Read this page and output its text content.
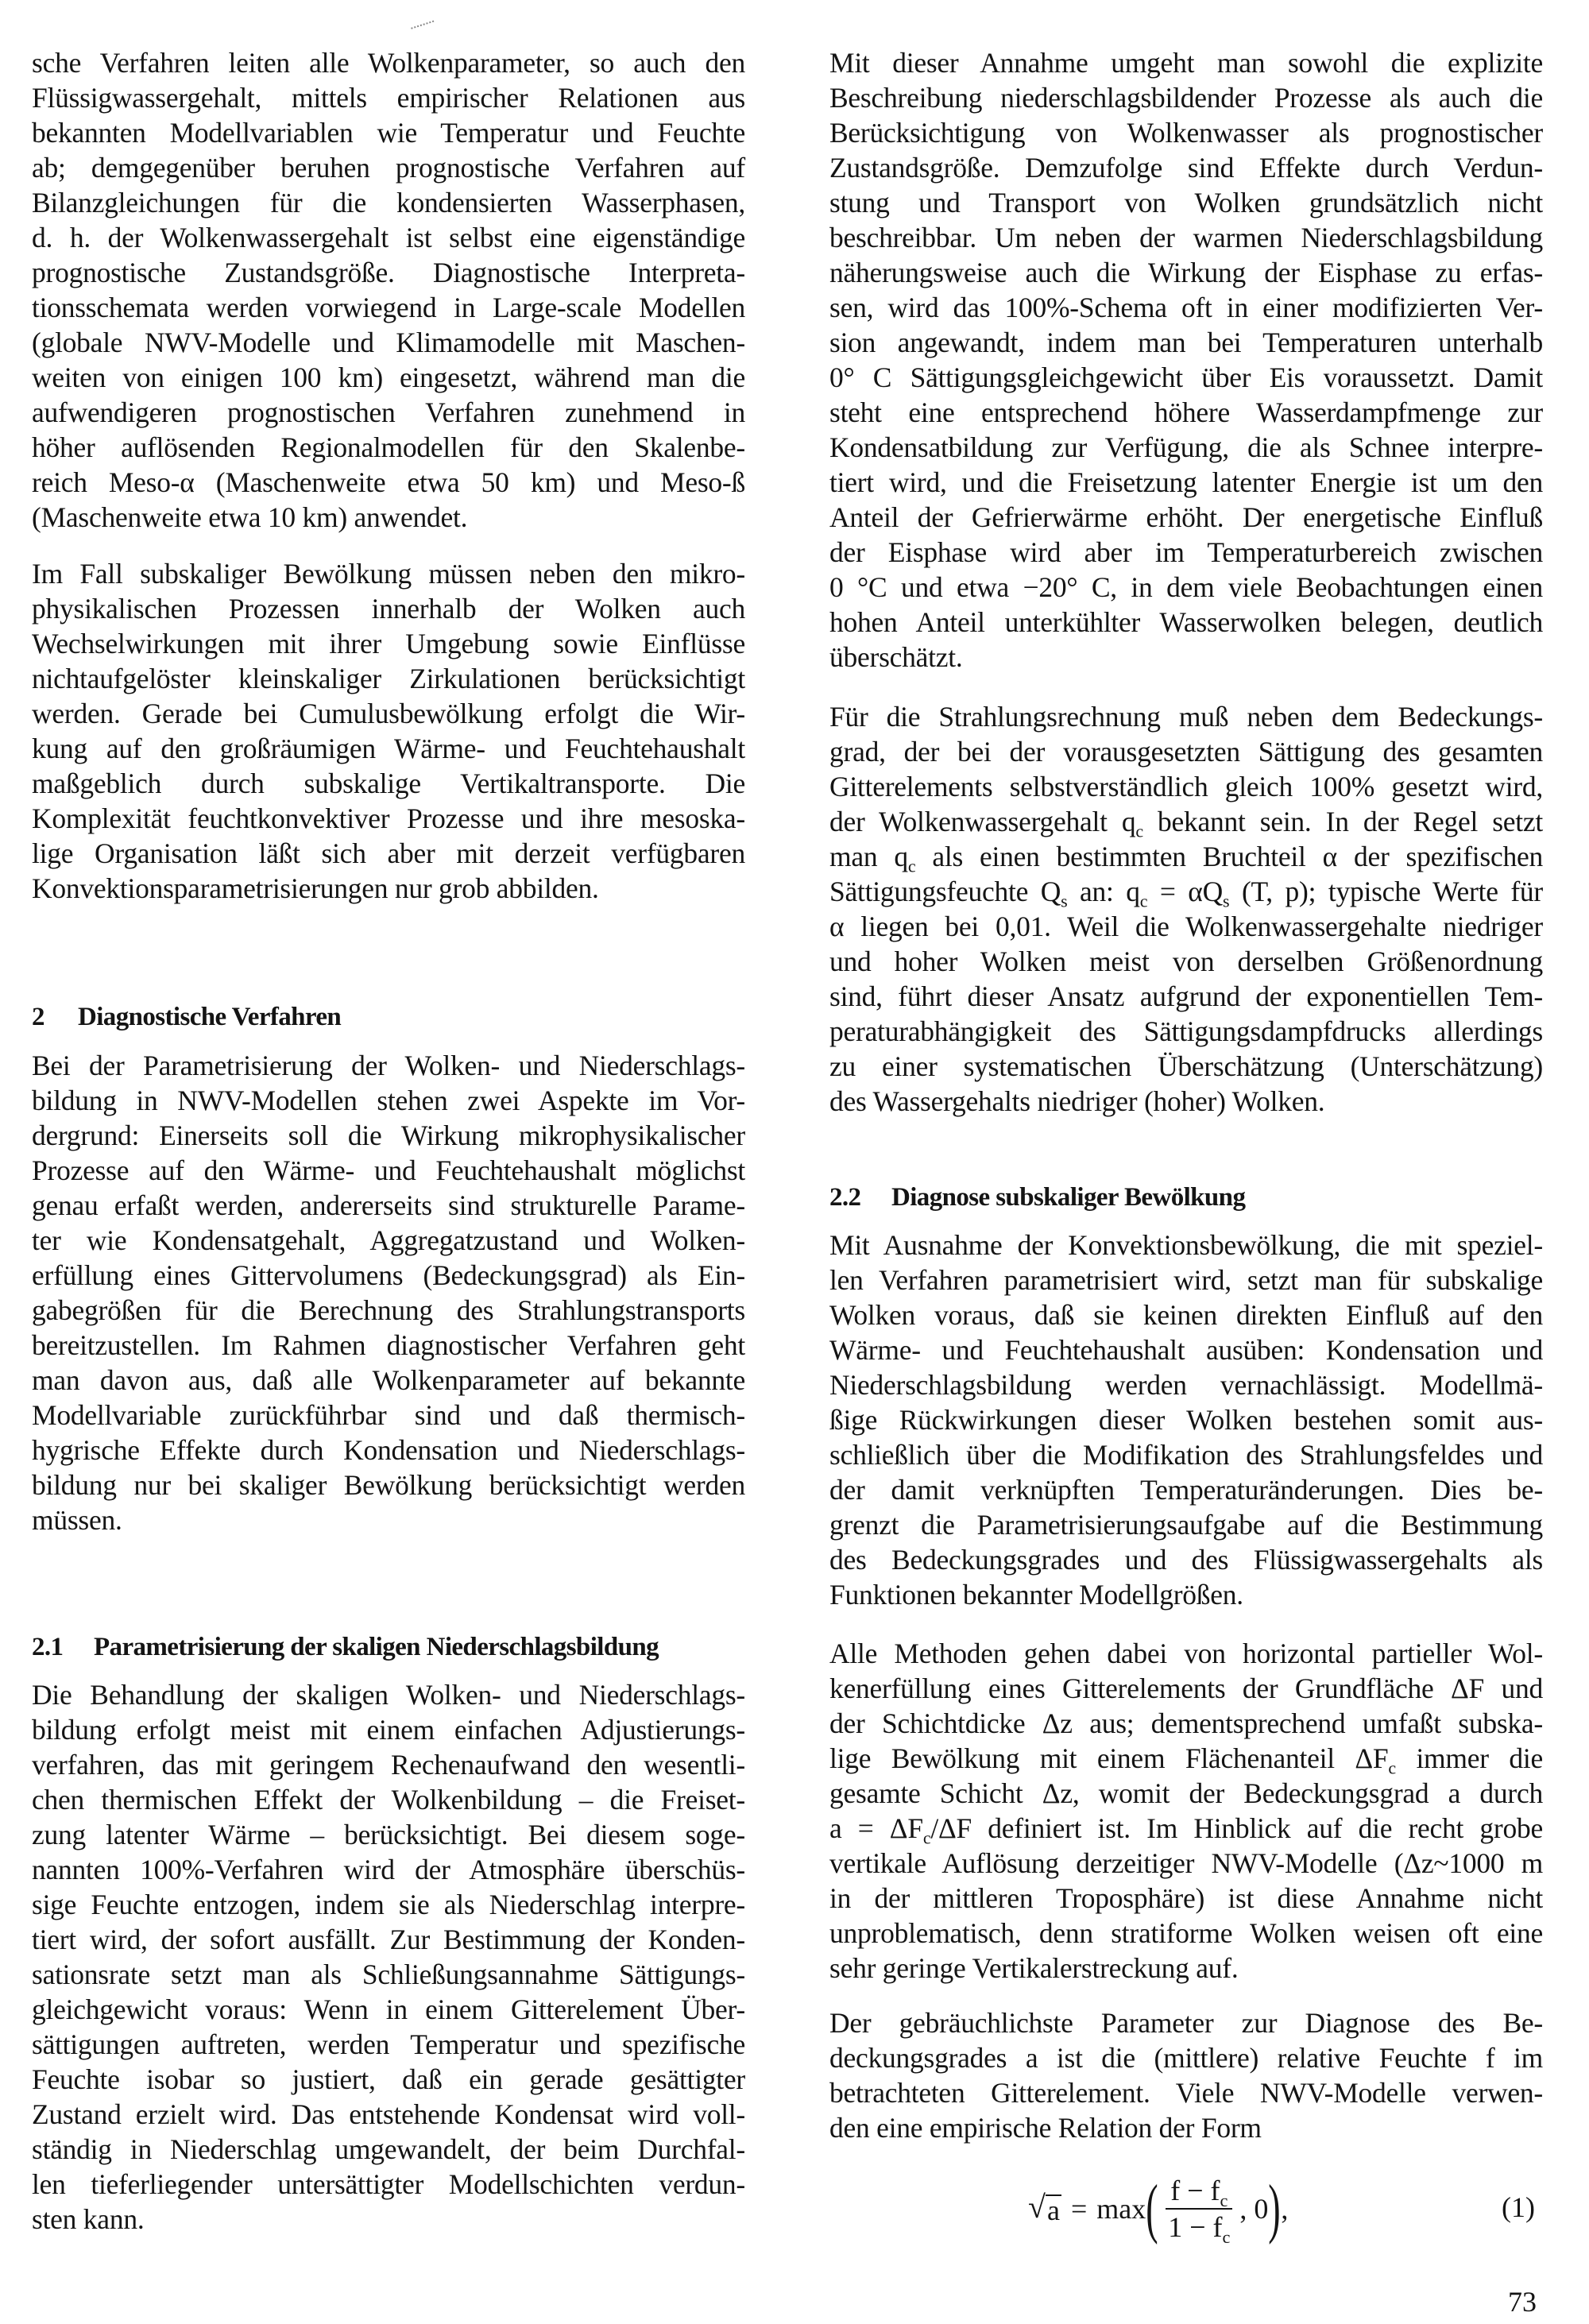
sche Verfahren leiten alle Wolkenparameter, so auch den
Flüssigwassergehalt, mittels empirischer Relationen aus
bekannten Modellvariablen wie Temperatur und Feuchte
ab; demgegenüber beruhen prognostische Verfahren auf
Bilanzgleichungen für die kondensierten Wasserphasen,
d. h. der Wolkenwassergehalt ist selbst eine eigenständige
prognostische Zustandsgröße. Diagnostische Interpreta-
tionsschemata werden vorwiegend in Large-scale Modellen
(globale NWV-Modelle und Klimamodelle mit Maschen-
weiten von einigen 100 km) eingesetzt, während man die
aufwendigeren prognostischen Verfahren zunehmend in
höher auflösenden Regionalmodellen für den Skalenbe-
reich Meso-α (Maschenweite etwa 50 km) und Meso-ß
(Maschenweite etwa 10 km) anwendet.
Im Fall subskaliger Bewölkung müssen neben den mikro-
physikalischen Prozessen innerhalb der Wolken auch
Wechselwirkungen mit ihrer Umgebung sowie Einflüsse
nichtaufgelöster kleinskaliger Zirkulationen berücksichtigt
werden. Gerade bei Cumulusbewölkung erfolgt die Wir-
kung auf den großräumigen Wärme- und Feuchtehaushalt
maßgeblich durch subskalige Vertikaltransporte. Die
Komplexität feuchtkonvektiver Prozesse und ihre mesoska-
lige Organisation läßt sich aber mit derzeit verfügbaren
Konvektionsparametrisierungen nur grob abbilden.
2 Diagnostische Verfahren
Bei der Parametrisierung der Wolken- und Niederschlags-
bildung in NWV-Modellen stehen zwei Aspekte im Vor-
dergrund: Einerseits soll die Wirkung mikrophysikalischer
Prozesse auf den Wärme- und Feuchtehaushalt möglichst
genau erfaßt werden, andererseits sind strukturelle Parame-
ter wie Kondensatgehalt, Aggregatzustand und Wolken-
erfüllung eines Gittervolumens (Bedeckungsgrad) als Ein-
gabegrößen für die Berechnung des Strahlungstransports
bereitzustellen. Im Rahmen diagnostischer Verfahren geht
man davon aus, daß alle Wolkenparameter auf bekannte
Modellvariable zurückführbar sind und daß thermisch-
hygrische Effekte durch Kondensation und Niederschlags-
bildung nur bei skaliger Bewölkung berücksichtigt werden
müssen.
2.1 Parametrisierung der skaligen Niederschlagsbildung
Die Behandlung der skaligen Wolken- und Niederschlags-
bildung erfolgt meist mit einem einfachen Adjustierungs-
verfahren, das mit geringem Rechenaufwand den wesentli-
chen thermischen Effekt der Wolkenbildung – die Freiset-
zung latenter Wärme – berücksichtigt. Bei diesem soge-
nannten 100%-Verfahren wird der Atmosphäre überschüs-
sige Feuchte entzogen, indem sie als Niederschlag interpre-
tiert wird, der sofort ausfällt. Zur Bestimmung der Konden-
sationsrate setzt man als Schließungsannahme Sättigungs-
gleichgewicht voraus: Wenn in einem Gitterelement Über-
sättigungen auftreten, werden Temperatur und spezifische
Feuchte isobar so justiert, daß ein gerade gesättigter
Zustand erzielt wird. Das entstehende Kondensat wird voll-
ständig in Niederschlag umgewandelt, der beim Durchfal-
len tieferliegender untersättigter Modellschichten verdun-
sten kann.
Mit dieser Annahme umgeht man sowohl die explizite
Beschreibung niederschlagsbildender Prozesse als auch die
Berücksichtigung von Wolkenwasser als prognostischer
Zustandsgröße. Demzufolge sind Effekte durch Verdun-
stung und Transport von Wolken grundsätzlich nicht
beschreibbar. Um neben der warmen Niederschlagsbildung
näherungsweise auch die Wirkung der Eisphase zu erfas-
sen, wird das 100%-Schema oft in einer modifizierten Ver-
sion angewandt, indem man bei Temperaturen unterhalb
0° C Sättigungsgleichgewicht über Eis voraussetzt. Damit
steht eine entsprechend höhere Wasserdampfmenge zur
Kondensatbildung zur Verfügung, die als Schnee interpre-
tiert wird, und die Freisetzung latenter Energie ist um den
Anteil der Gefrierwärme erhöht. Der energetische Einfluß
der Eisphase wird aber im Temperaturbereich zwischen
0 °C und etwa −20° C, in dem viele Beobachtungen einen
hohen Anteil unterkühlter Wasserwolken belegen, deutlich
überschätzt.
Für die Strahlungsrechnung muß neben dem Bedeckungs-
grad, der bei der vorausgesetzten Sättigung des gesamten
Gitterelements selbstverständlich gleich 100% gesetzt wird,
der Wolkenwassergehalt $q_c$ bekannt sein. In der Regel setzt
man $q_c$ als einen bestimmten Bruchteil α der spezifischen
Sättigungsfeuchte $Q_s$ an: $q_c = \alpha Q_s$ (T, p); typische Werte für
α liegen bei 0,01. Weil die Wolkenwassergehalte niedriger
und hoher Wolken meist von derselben Größenordnung
sind, führt dieser Ansatz aufgrund der exponentiellen Tem-
peraturabhängigkeit des Sättigungsdampfdrucks allerdings
zu einer systematischen Überschätzung (Unterschätzung)
des Wassergehalts niedriger (hoher) Wolken.
2.2 Diagnose subskaliger Bewölkung
Mit Ausnahme der Konvektionsbewölkung, die mit speziel-
len Verfahren parametrisiert wird, setzt man für subskalige
Wolken voraus, daß sie keinen direkten Einfluß auf den
Wärme- und Feuchtehaushalt ausüben: Kondensation und
Niederschlagsbildung werden vernachlässigt. Modellmä-
ßige Rückwirkungen dieser Wolken bestehen somit aus-
schließlich über die Modifikation des Strahlungsfeldes und
der damit verknüpften Temperaturänderungen. Dies be-
grenzt die Parametrisierungsaufgabe auf die Bestimmung
des Bedeckungsgrades und des Flüssigwassergehalts als
Funktionen bekannter Modellgrößen.
Alle Methoden gehen dabei von horizontal partieller Wol-
kenerfüllung eines Gitterelements der Grundfläche ΔF und
der Schichtdicke Δz aus; dementsprechend umfaßt subska-
lige Bewölkung mit einem Flächenanteil $\Delta F_c$ immer die
gesamte Schicht Δz, womit der Bedeckungsgrad a durch
$a = \Delta F_c/\Delta F$ definiert ist. Im Hinblick auf die recht grobe
vertikale Auflösung derzeitiger NWV-Modelle (Δz~1000 m
in der mittleren Troposphäre) ist diese Annahme nicht
unproblematisch, denn stratiforme Wolken weisen oft eine
sehr geringe Vertikalerstreckung auf.
Der gebräuchlichste Parameter zur Diagnose des Be-
deckungsgrades a ist die (mittlere) relative Feuchte f im
betrachteten Gitterelement. Viele NWV-Modelle verwen-
den eine empirische Relation der Form
√ a = max ( $\frac{f - f_c}{1 - f_c}$ , 0 ) ,	(1)
73
